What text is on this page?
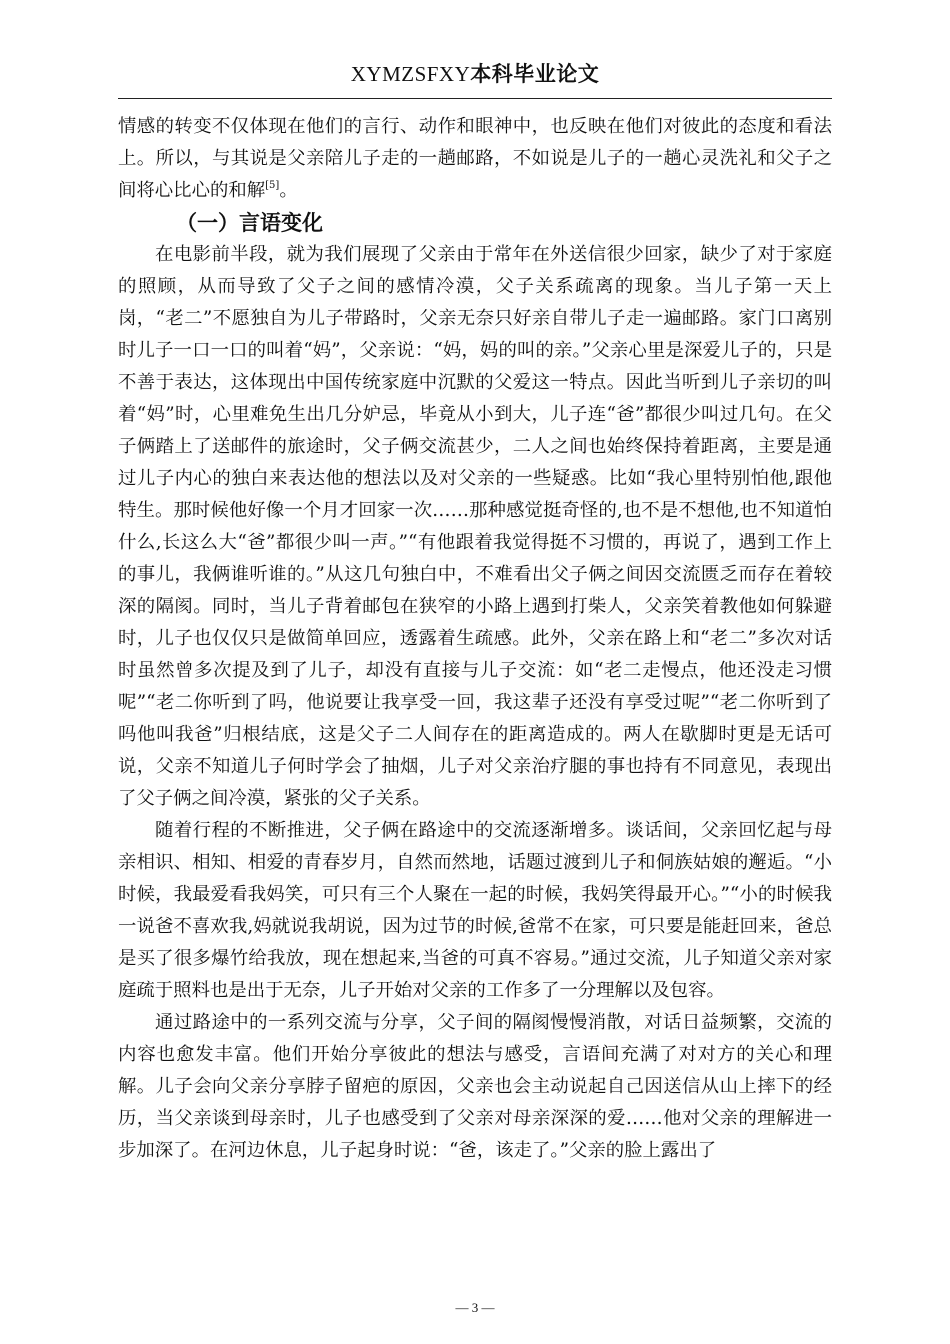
XYMZSFXY本科毕业论文

情感的转变不仅体现在他们的言行、动作和眼神中，也反映在他们对彼此的态度和看法上。所以，与其说是父亲陪儿子走的一趟邮路，不如说是儿子的一趟心灵洗礼和父子之间将心比心的和解[5]。

（一）言语变化

在电影前半段，就为我们展现了父亲由于常年在外送信很少回家，缺少了对于家庭的照顾，从而导致了父子之间的感情冷漠，父子关系疏离的现象。当儿子第一天上岗，“老二”不愿独自为儿子带路时，父亲无奈只好亲自带儿子走一遍邮路。家门口离别时儿子一口一口的叫着“妈”，父亲说：“妈，妈的叫的亲。”父亲心里是深爱儿子的，只是不善于表达，这体现出中国传统家庭中沉默的父爱这一特点。因此当听到儿子亲切的叫着“妈”时，心里难免生出几分妒忌，毕竟从小到大，儿子连“爸”都很少叫过几句。在父子俩踏上了送邮件的旅途时，父子俩交流甚少，二人之间也始终保持着距离，主要是通过儿子内心的独白来表达他的想法以及对父亲的一些疑惑。比如“我心里特别怕他,跟他特生。那时候他好像一个月才回家一次……那种感觉挺奇怪的,也不是不想他,也不知道怕什么,长这么大“爸”都很少叫一声。”“有他跟着我觉得挺不习惯的，再说了，遇到工作上的事儿，我俩谁听谁的。”从这几句独白中，不难看出父子俩之间因交流匮乏而存在着较深的隔阂。同时，当儿子背着邮包在狭窄的小路上遇到打柴人，父亲笑着教他如何躲避时，儿子也仅仅只是做简单回应，透露着生疏感。此外，父亲在路上和“老二”多次对话时虽然曾多次提及到了儿子，却没有直接与儿子交流：如“老二走慢点，他还没走习惯呢”“老二你听到了吗，他说要让我享受一回，我这辈子还没有享受过呢”“老二你听到了吗他叫我爸”归根结底，这是父子二人间存在的距离造成的。两人在歇脚时更是无话可说，父亲不知道儿子何时学会了抽烟，儿子对父亲治疗腿的事也持有不同意见，表现出了父子俩之间冷漠，紧张的父子关系。

随着行程的不断推进，父子俩在路途中的交流逐渐增多。谈话间，父亲回忆起与母亲相识、相知、相爱的青春岁月，自然而然地，话题过渡到儿子和侗族姑娘的邂逅。“小时候，我最爱看我妈笑，可只有三个人聚在一起的时候，我妈笑得最开心。”“小的时候我一说爸不喜欢我,妈就说我胡说，因为过节的时候,爸常不在家，可只要是能赶回来，爸总是买了很多爆竹给我放，现在想起来,当爸的可真不容易。”通过交流，儿子知道父亲对家庭疏于照料也是出于无奈，儿子开始对父亲的工作多了一分理解以及包容。

通过路途中的一系列交流与分享，父子间的隔阂慢慢消散，对话日益频繁，交流的内容也愈发丰富。他们开始分享彼此的想法与感受，言语间充满了对对方的关心和理解。儿子会向父亲分享脖子留疤的原因，父亲也会主动说起自己因送信从山上摔下的经历，当父亲谈到母亲时，儿子也感受到了父亲对母亲深深的爱……他对父亲的理解进一步加深了。在河边休息，儿子起身时说：“爸，该走了。”父亲的脸上露出了

— 3 —
